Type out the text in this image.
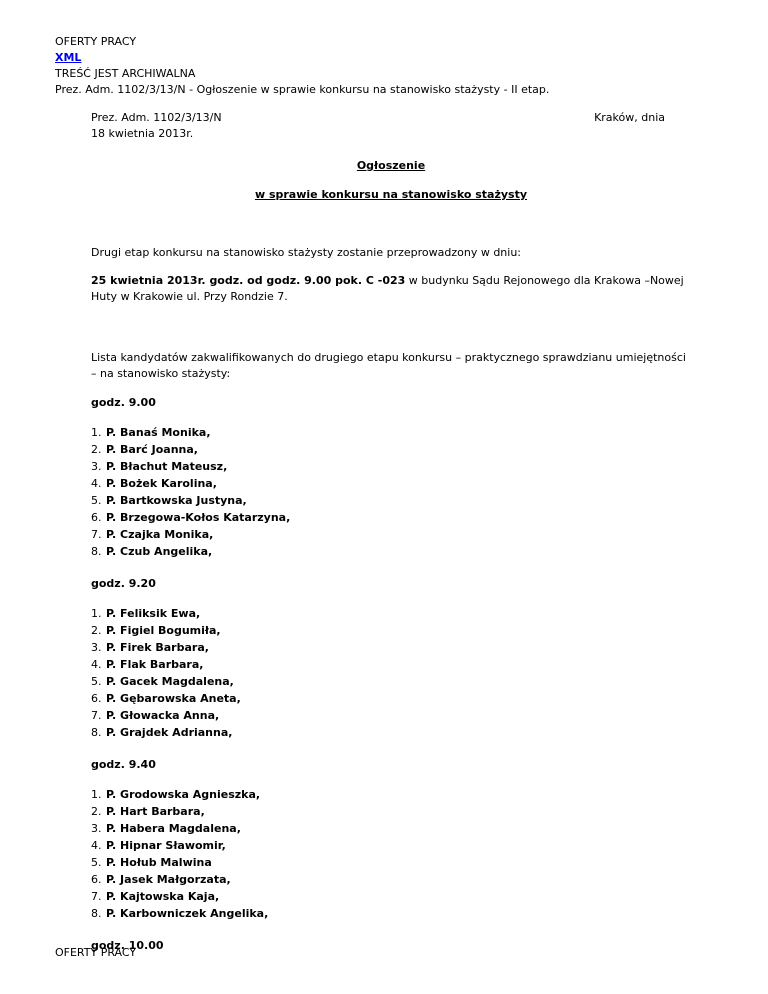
OFERTY PRACY
XML
TREŚĆ JEST ARCHIWALNA
Prez. Adm. 1102/3/13/N - Ogłoszenie w sprawie konkursu na stanowisko stażysty - II etap.
Prez. Adm. 1102/3/13/N	Kraków, dnia
18 kwietnia 2013r.
Ogłoszenie
w sprawie konkursu na stanowisko stażysty
Drugi etap konkursu na stanowisko stażysty zostanie przeprowadzony w dniu:
25 kwietnia 2013r. godz. od godz. 9.00 pok. C -023 w budynku Sądu Rejonowego dla Krakowa –Nowej Huty w Krakowie ul. Przy Rondzie 7.
Lista kandydatów zakwalifikowanych do drugiego etapu konkursu – praktycznego sprawdzianu umiejętności – na stanowisko stażysty:
godz. 9.00
1. P. Banaś Monika,
2. P. Barć Joanna,
3. P. Błachut Mateusz,
4. P. Bożek Karolina,
5. P. Bartkowska Justyna,
6. P. Brzegowa-Kołos Katarzyna,
7. P. Czajka Monika,
8. P. Czub Angelika,
godz. 9.20
1. P. Feliksik Ewa,
2. P. Figiel Bogumiła,
3. P. Firek Barbara,
4. P. Flak Barbara,
5. P. Gacek Magdalena,
6. P. Gębarowska Aneta,
7. P. Głowacka Anna,
8. P. Grajdek Adrianna,
godz. 9.40
1. P. Grodowska Agnieszka,
2. P. Hart Barbara,
3. P. Habera Magdalena,
4. P. Hipnar Sławomir,
5. P. Hołub Malwina
6. P. Jasek Małgorzata,
7. P. Kajtowska Kaja,
8. P. Karbowniczek Angelika,
godz. 10.00
OFERTY PRACY
